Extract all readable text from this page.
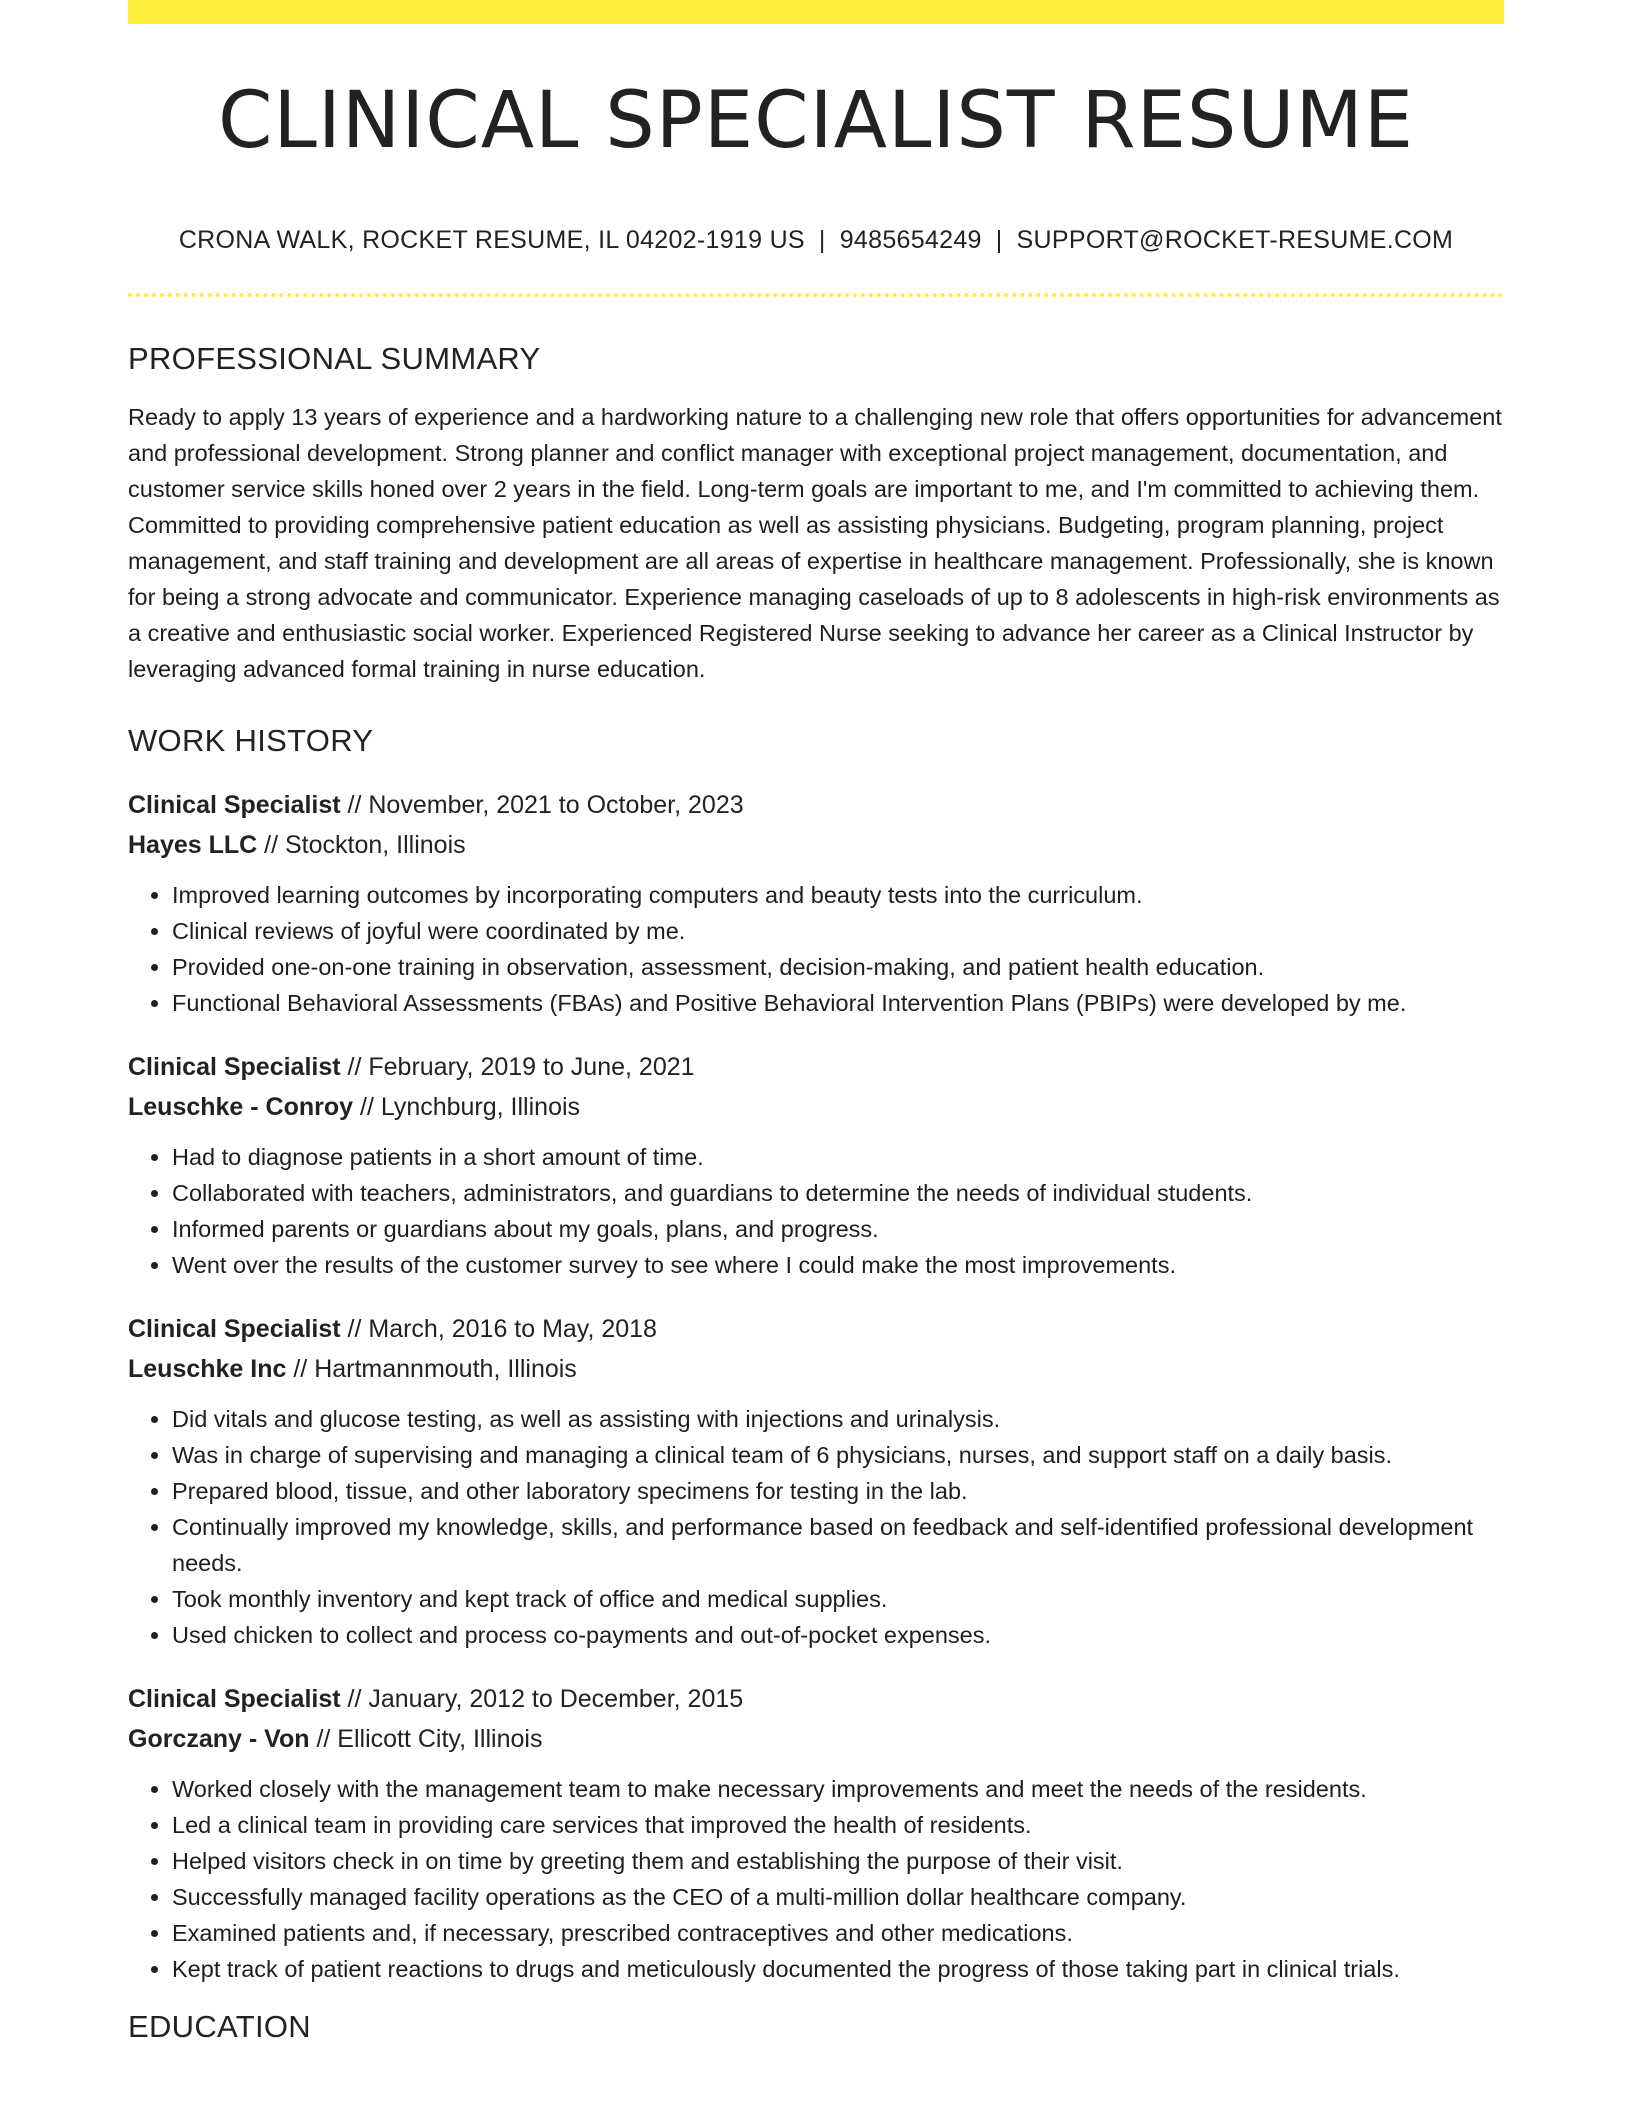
CLINICAL SPECIALIST RESUME
CRONA WALK, ROCKET RESUME, IL 04202-1919 US | 9485654249 | SUPPORT@ROCKET-RESUME.COM
PROFESSIONAL SUMMARY
Ready to apply 13 years of experience and a hardworking nature to a challenging new role that offers opportunities for advancement and professional development. Strong planner and conflict manager with exceptional project management, documentation, and customer service skills honed over 2 years in the field. Long-term goals are important to me, and I'm committed to achieving them. Committed to providing comprehensive patient education as well as assisting physicians. Budgeting, program planning, project management, and staff training and development are all areas of expertise in healthcare management. Professionally, she is known for being a strong advocate and communicator. Experience managing caseloads of up to 8 adolescents in high-risk environments as a creative and enthusiastic social worker. Experienced Registered Nurse seeking to advance her career as a Clinical Instructor by leveraging advanced formal training in nurse education.
WORK HISTORY
Clinical Specialist // November, 2021 to October, 2023
Hayes LLC // Stockton, Illinois
• Improved learning outcomes by incorporating computers and beauty tests into the curriculum.
• Clinical reviews of joyful were coordinated by me.
• Provided one-on-one training in observation, assessment, decision-making, and patient health education.
• Functional Behavioral Assessments (FBAs) and Positive Behavioral Intervention Plans (PBIPs) were developed by me.
Clinical Specialist // February, 2019 to June, 2021
Leuschke - Conroy // Lynchburg, Illinois
• Had to diagnose patients in a short amount of time.
• Collaborated with teachers, administrators, and guardians to determine the needs of individual students.
• Informed parents or guardians about my goals, plans, and progress.
• Went over the results of the customer survey to see where I could make the most improvements.
Clinical Specialist // March, 2016 to May, 2018
Leuschke Inc // Hartmannmouth, Illinois
• Did vitals and glucose testing, as well as assisting with injections and urinalysis.
• Was in charge of supervising and managing a clinical team of 6 physicians, nurses, and support staff on a daily basis.
• Prepared blood, tissue, and other laboratory specimens for testing in the lab.
• Continually improved my knowledge, skills, and performance based on feedback and self-identified professional development needs.
• Took monthly inventory and kept track of office and medical supplies.
• Used chicken to collect and process co-payments and out-of-pocket expenses.
Clinical Specialist // January, 2012 to December, 2015
Gorczany - Von // Ellicott City, Illinois
• Worked closely with the management team to make necessary improvements and meet the needs of the residents.
• Led a clinical team in providing care services that improved the health of residents.
• Helped visitors check in on time by greeting them and establishing the purpose of their visit.
• Successfully managed facility operations as the CEO of a multi-million dollar healthcare company.
• Examined patients and, if necessary, prescribed contraceptives and other medications.
• Kept track of patient reactions to drugs and meticulously documented the progress of those taking part in clinical trials.
EDUCATION
